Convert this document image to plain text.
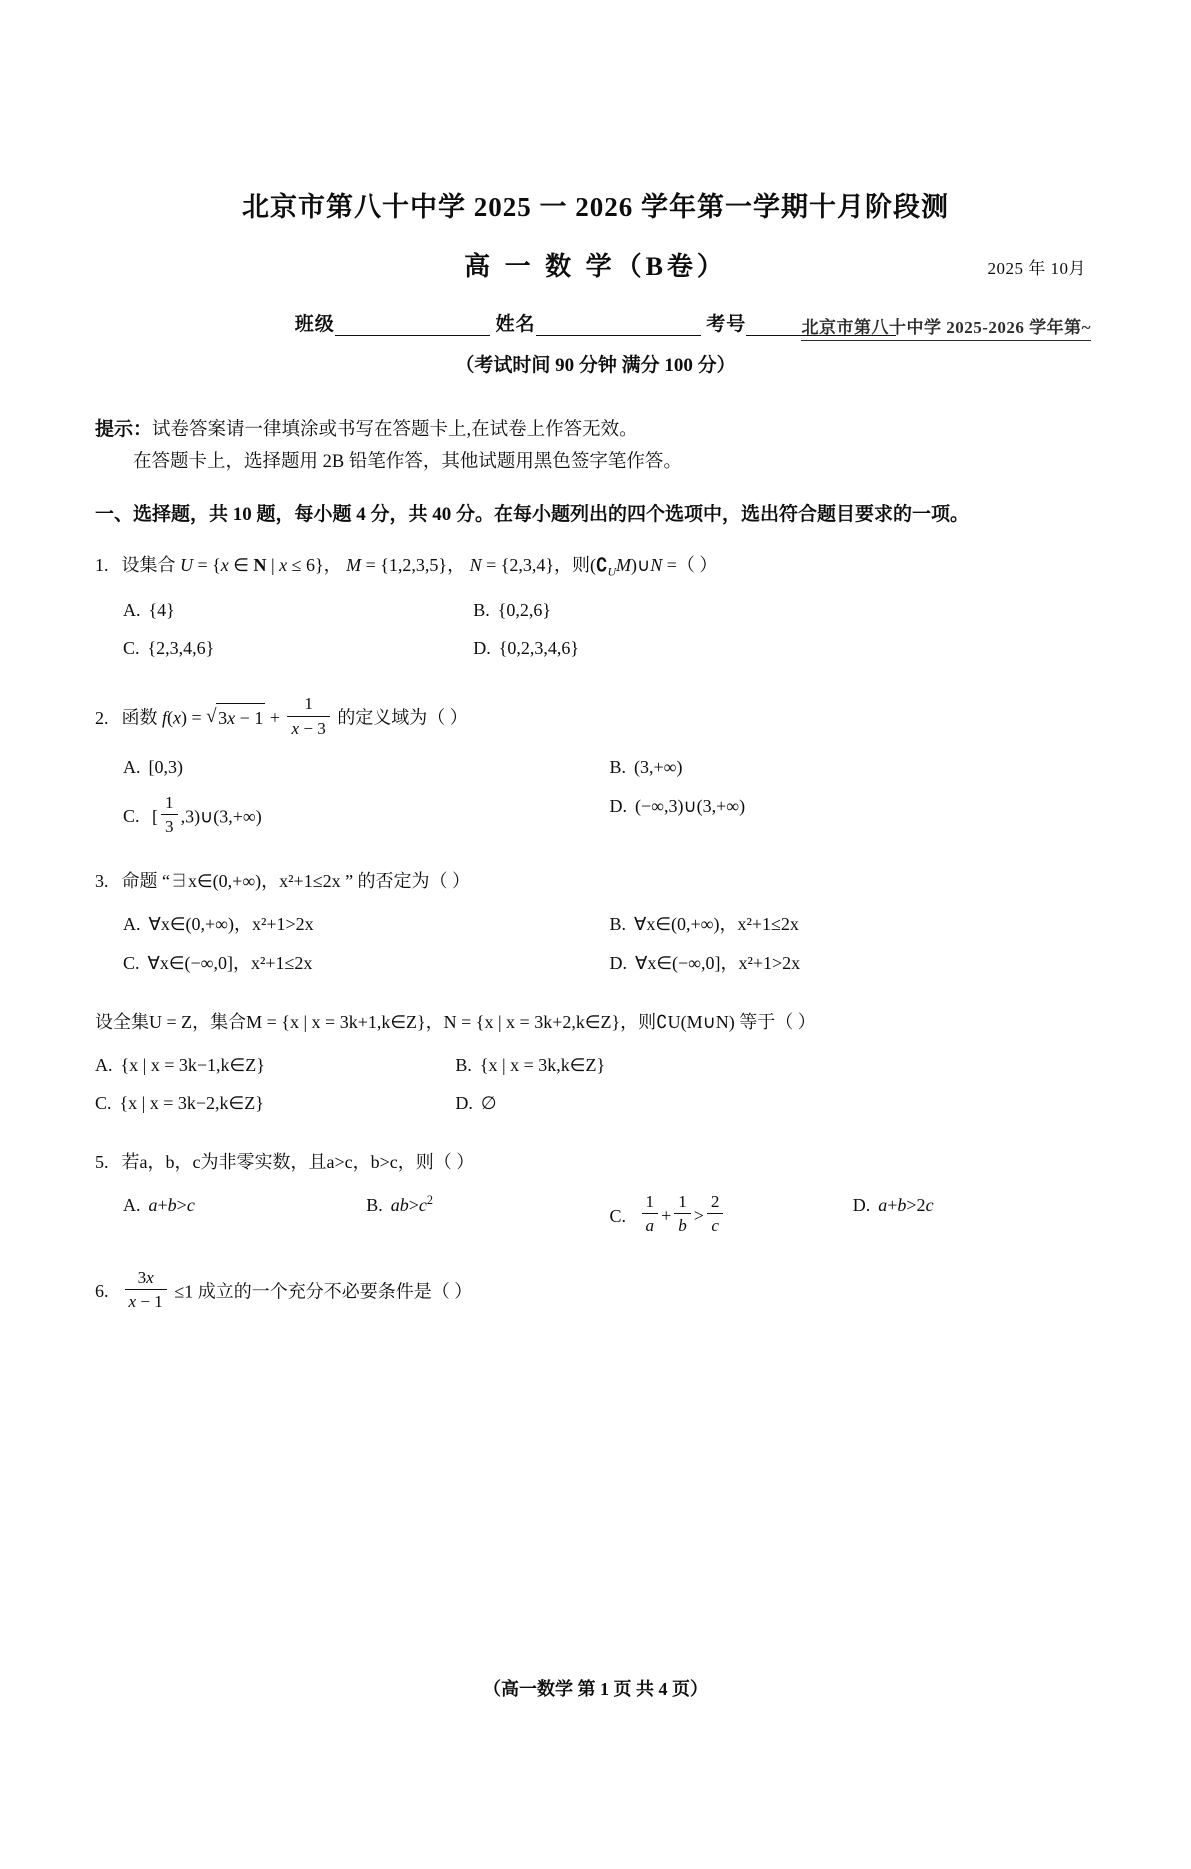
北京市第八十中学 2025-2026 学年第~
北京市第八十中学 2025 一 2026 学年第一学期十月阶段测
高 一 数 学（B卷）	2025 年 10月
班级	姓名	考号
（考试时间 90 分钟 满分 100 分）
提示：试卷答案请一律填涂或书写在答题卡上,在试卷上作答无效。
在答题卡上，选择题用 2B 铅笔作答，其他试题用黑色签字笔作答。
一、选择题，共 10 题，每小题 4 分，共 40 分。在每小题列出的四个选项中，选出符合题目要求的一项。
1. 设集合 U = {x ∈ N | x ≤ 6}， M = {1,2,3,5}， N = {2,3,4}，则$(∁_UM)\cup N$ =（ ）
A. {4}	B. {0,2,6}
C. {2,3,4,6}	D. {0,2,3,4,6}
2. 函数 f(x) = √ $3x - 1 + \frac{1}{x - 3}$ 的定义域为（ ）
A. [0,3)	B. (3,+∞)
C. [ $\frac{1}{3}$ ,3)∪(3,+∞)
D. (−∞,3)∪(3,+∞)
3. 命题 “∃x∈(0,+∞)，x²+1≤2x ” 的否定为（ ）
A. ∀x∈(0,+∞)，x²+1>2x	B. ∀x∈(0,+∞)，x²+1≤2x
C. ∀x∈(−∞,0]，x²+1≤2x	D. ∀x∈(−∞,0]，x²+1>2x
设全集U = Z，集合M = {x | x = 3k+1,k∈Z}，N = {x | x = 3k+2,k∈Z}，则∁U(M∪N) 等于（ ）
A. {x | x = 3k−1,k∈Z}	B. {x | x = 3k,k∈Z}
C. {x | x = 3k−2,k∈Z}	D. ∅
5. 若a，b，c为非零实数，且a>c，b>c，则（ ）
A. a+b>c	B. $ab>c^2$
C. $\frac{1}{a} + \frac{1}{b} > \frac{2}{c}$	D. a+b>2c
6. $\frac{3x}{x - 1} \le 1$ 成立的一个充分不必要条件是（ ）
（高一数学 第 1 页 共 4 页）
